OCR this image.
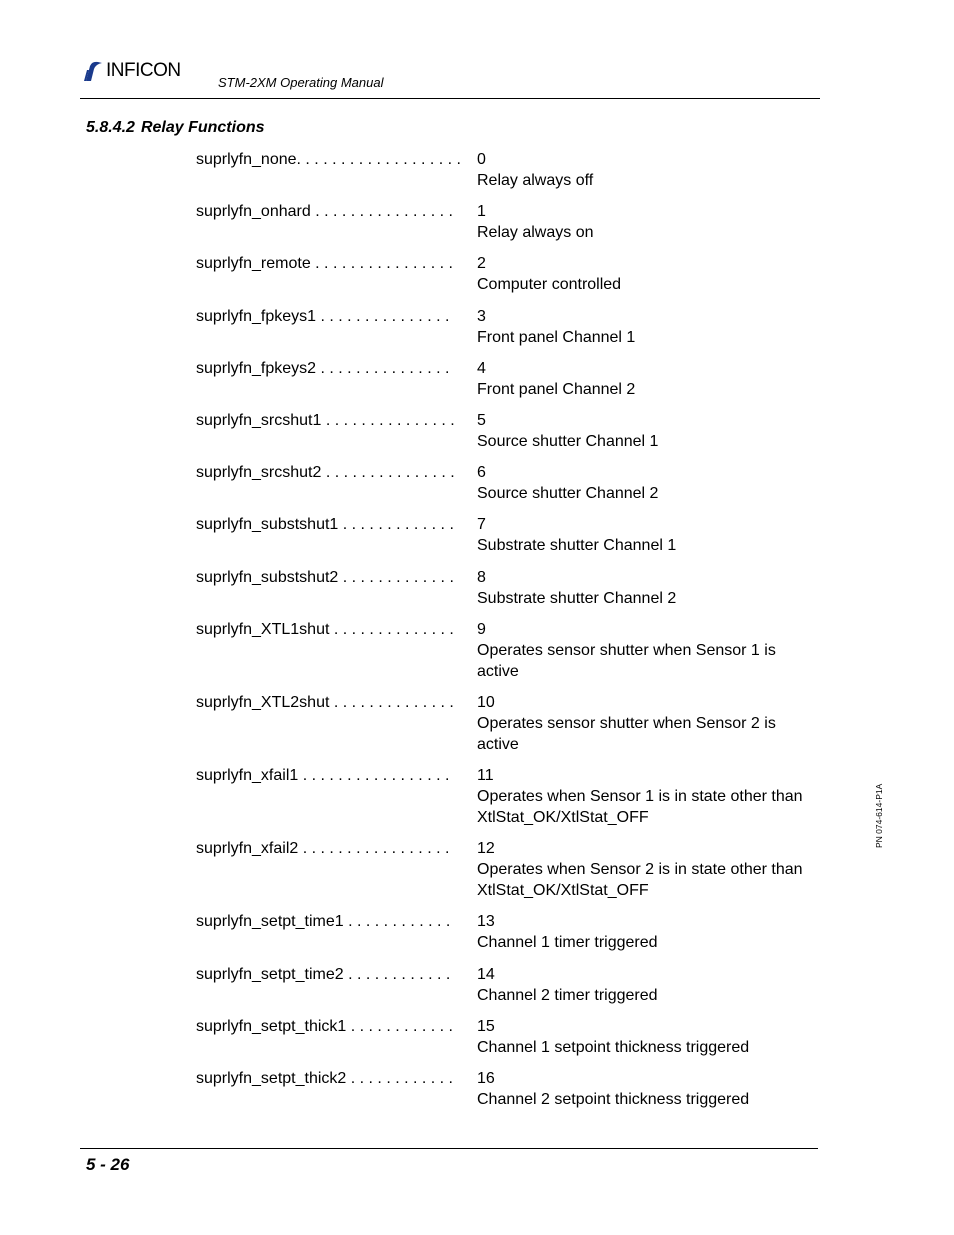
INFICON
STM-2XM Operating Manual
5.8.4.2 Relay Functions
suprlyfn_none. . . . . . . . . . . . . . . . . . .	0
Relay always off
suprlyfn_onhard . . . . . . . . . . . . . . . .	1
Relay always on
suprlyfn_remote . . . . . . . . . . . . . . . .	2
Computer controlled
suprlyfn_fpkeys1 . . . . . . . . . . . . . . .	3
Front panel Channel 1
suprlyfn_fpkeys2 . . . . . . . . . . . . . . .	4
Front panel Channel 2
suprlyfn_srcshut1 . . . . . . . . . . . . . . .	5
Source shutter Channel 1
suprlyfn_srcshut2 . . . . . . . . . . . . . . .	6
Source shutter Channel 2
suprlyfn_substshut1 . . . . . . . . . . . . .	7
Substrate shutter Channel 1
suprlyfn_substshut2 . . . . . . . . . . . . .	8
Substrate shutter Channel 2
suprlyfn_XTL1shut . . . . . . . . . . . . . .	9
Operates sensor shutter when Sensor 1 is active
suprlyfn_XTL2shut . . . . . . . . . . . . . .	10
Operates sensor shutter when Sensor 2 is active
suprlyfn_xfail1 . . . . . . . . . . . . . . . . .	11
Operates when Sensor 1 is in state other than XtlStat_OK/XtlStat_OFF
suprlyfn_xfail2 . . . . . . . . . . . . . . . . .	12
Operates when Sensor 2 is in state other than XtlStat_OK/XtlStat_OFF
suprlyfn_setpt_time1 . . . . . . . . . . . .	13
Channel 1 timer triggered
suprlyfn_setpt_time2 . . . . . . . . . . . .	14
Channel 2 timer triggered
suprlyfn_setpt_thick1 . . . . . . . . . . . .	15
Channel 1 setpoint thickness triggered
suprlyfn_setpt_thick2 . . . . . . . . . . . .	16
Channel 2 setpoint thickness triggered
5 - 26
PN 074-614-P1A
